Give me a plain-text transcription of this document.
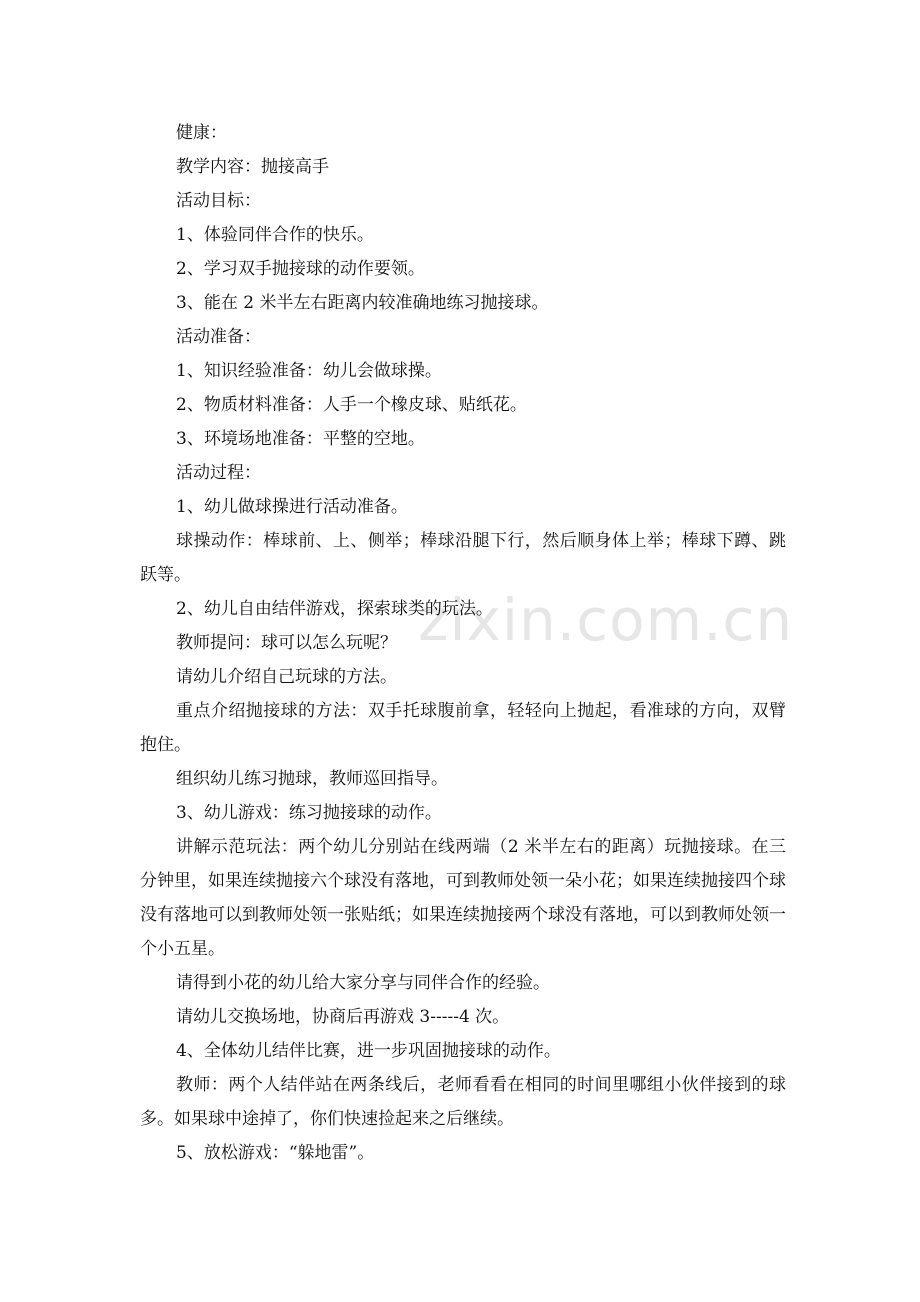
zixin.com.cn

健康：

教学内容：抛接高手

活动目标：

1、体验同伴合作的快乐。

2、学习双手抛接球的动作要领。

3、能在 2 米半左右距离内较准确地练习抛接球。

活动准备：

1、知识经验准备：幼儿会做球操。

2、物质材料准备：人手一个橡皮球、贴纸花。

3、环境场地准备：平整的空地。

活动过程：

1、幼儿做球操进行活动准备。

球操动作：棒球前、上、侧举；棒球沿腿下行，然后顺身体上举；棒球下蹲、跳跃等。

2、幼儿自由结伴游戏，探索球类的玩法。

教师提问：球可以怎么玩呢？

请幼儿介绍自己玩球的方法。

重点介绍抛接球的方法：双手托球腹前拿，轻轻向上抛起，看准球的方向，双臂抱住。

组织幼儿练习抛球，教师巡回指导。

3、幼儿游戏：练习抛接球的动作。

讲解示范玩法：两个幼儿分别站在线两端（2 米半左右的距离）玩抛接球。在三分钟里，如果连续抛接六个球没有落地，可到教师处领一朵小花；如果连续抛接四个球没有落地可以到教师处领一张贴纸；如果连续抛接两个球没有落地，可以到教师处领一个小五星。

请得到小花的幼儿给大家分享与同伴合作的经验。

请幼儿交换场地，协商后再游戏 3-----4 次。

4、全体幼儿结伴比赛，进一步巩固抛接球的动作。

教师：两个人结伴站在两条线后，老师看看在相同的时间里哪组小伙伴接到的球多。如果球中途掉了，你们快速捡起来之后继续。

5、放松游戏：“躲地雷”。
